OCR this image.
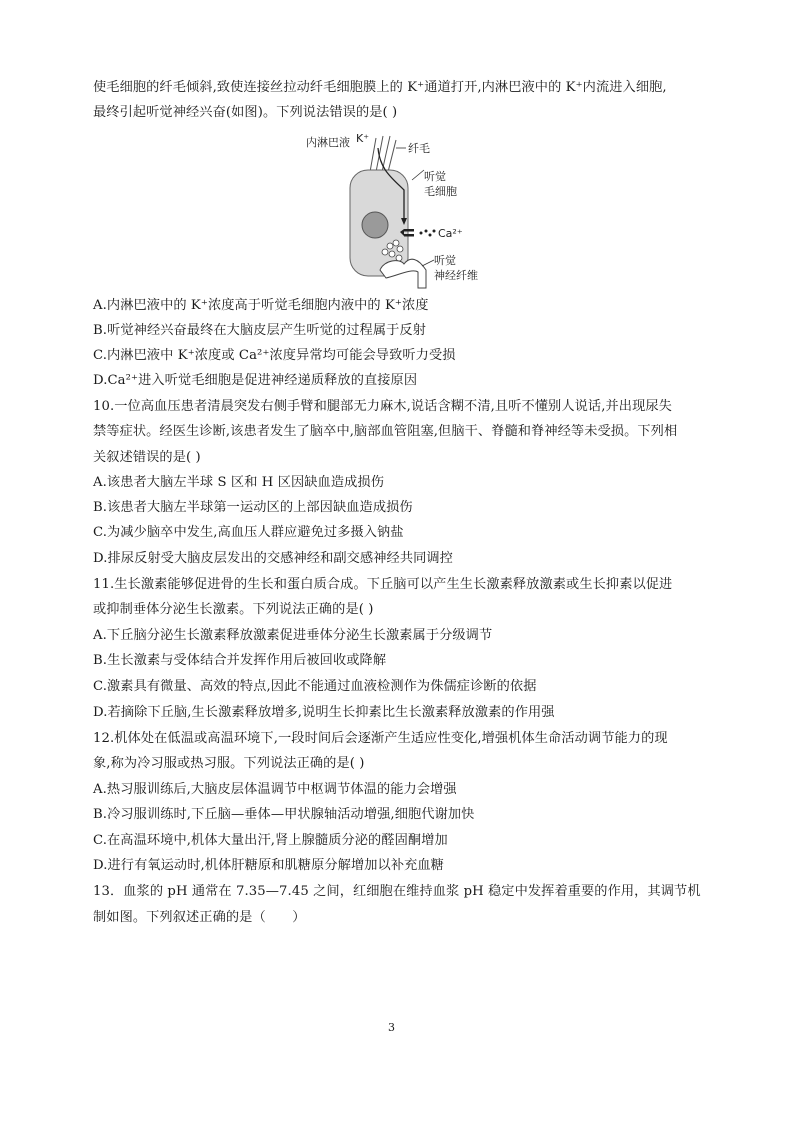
使毛细胞的纤毛倾斜,致使连接丝拉动纤毛细胞膜上的 K⁺通道打开,内淋巴液中的 K⁺内流进入细胞,
最终引起听觉神经兴奋(如图)。下列说法错误的是( )
内淋巴液 K⁺
纤毛
听觉
毛细胞
Ca²⁺
听觉
神经纤维
A.内淋巴液中的 K⁺浓度高于听觉毛细胞内液中的 K⁺浓度
B.听觉神经兴奋最终在大脑皮层产生听觉的过程属于反射
C.内淋巴液中 K⁺浓度或 Ca²⁺浓度异常均可能会导致听力受损
D.Ca²⁺进入听觉毛细胞是促进神经递质释放的直接原因
10.一位高血压患者清晨突发右侧手臂和腿部无力麻木,说话含糊不清,且听不懂别人说话,并出现尿失
禁等症状。经医生诊断,该患者发生了脑卒中,脑部血管阻塞,但脑干、脊髓和脊神经等未受损。下列相
关叙述错误的是( )
A.该患者大脑左半球 S 区和 H 区因缺血造成损伤
B.该患者大脑左半球第一运动区的上部因缺血造成损伤
C.为减少脑卒中发生,高血压人群应避免过多摄入钠盐
D.排尿反射受大脑皮层发出的交感神经和副交感神经共同调控
11.生长激素能够促进骨的生长和蛋白质合成。下丘脑可以产生生长激素释放激素或生长抑素以促进
或抑制垂体分泌生长激素。下列说法正确的是( )
A.下丘脑分泌生长激素释放激素促进垂体分泌生长激素属于分级调节
B.生长激素与受体结合并发挥作用后被回收或降解
C.激素具有微量、高效的特点,因此不能通过血液检测作为侏儒症诊断的依据
D.若摘除下丘脑,生长激素释放增多,说明生长抑素比生长激素释放激素的作用强
12.机体处在低温或高温环境下,一段时间后会逐渐产生适应性变化,增强机体生命活动调节能力的现
象,称为冷习服或热习服。下列说法正确的是( )
A.热习服训练后,大脑皮层体温调节中枢调节体温的能力会增强
B.冷习服训练时,下丘脑—垂体—甲状腺轴活动增强,细胞代谢加快
C.在高温环境中,机体大量出汗,肾上腺髓质分泌的醛固酮增加
D.进行有氧运动时,机体肝糖原和肌糖原分解增加以补充血糖
13．血浆的 pH 通常在 7.35—7.45 之间，红细胞在维持血浆 pH 稳定中发挥着重要的作用，其调节机
制如图。下列叙述正确的是（　　）
3
